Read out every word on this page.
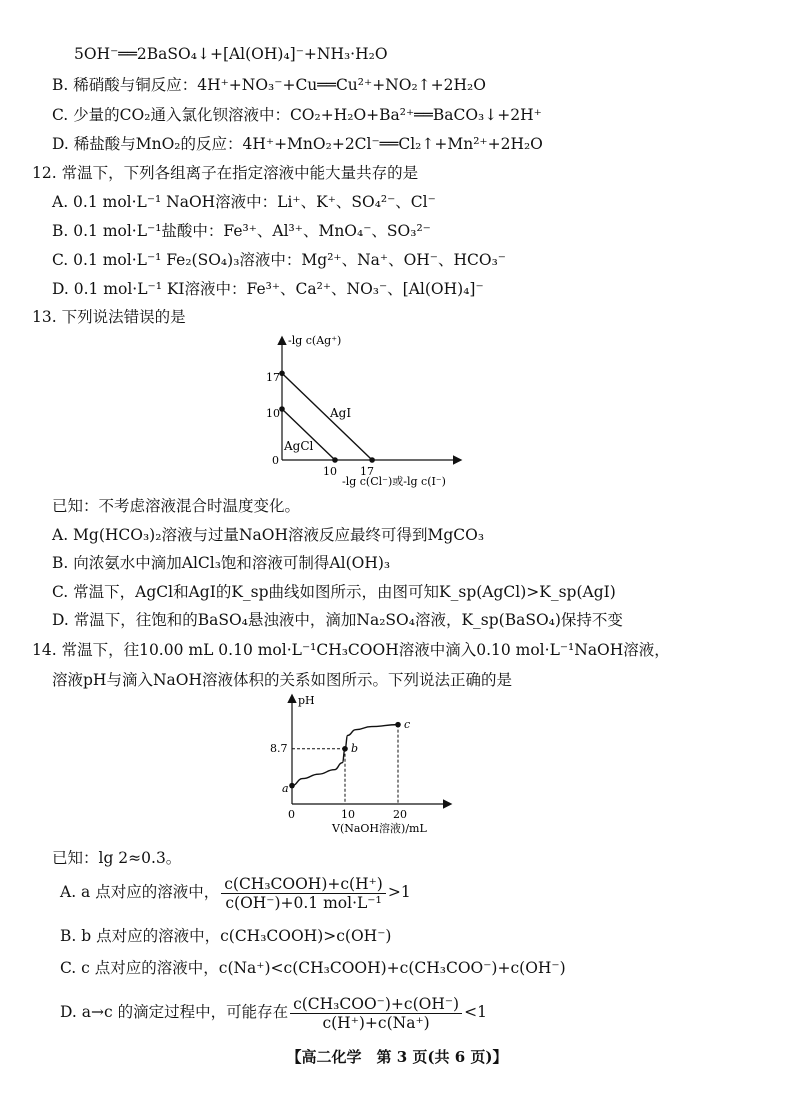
5OH⁻══2BaSO₄↓+[Al(OH)₄]⁻+NH₃·H₂O
B. 稀硝酸与铜反应：4H⁺+NO₃⁻+Cu══Cu²⁺+NO₂↑+2H₂O
C. 少量的CO₂通入氯化钡溶液中：CO₂+H₂O+Ba²⁺══BaCO₃↓+2H⁺
D. 稀盐酸与MnO₂的反应：4H⁺+MnO₂+2Cl⁻══Cl₂↑+Mn²⁺+2H₂O
12. 常温下，下列各组离子在指定溶液中能大量共存的是
A. 0.1 mol·L⁻¹ NaOH溶液中：Li⁺、K⁺、SO₄²⁻、Cl⁻
B. 0.1 mol·L⁻¹盐酸中：Fe³⁺、Al³⁺、MnO₄⁻、SO₃²⁻
C. 0.1 mol·L⁻¹ Fe₂(SO₄)₃溶液中：Mg²⁺、Na⁺、OH⁻、HCO₃⁻
D. 0.1 mol·L⁻¹ KI溶液中：Fe³⁺、Ca²⁺、NO₃⁻、[Al(OH)₄]⁻
13. 下列说法错误的是
-lg c(Ag⁺)
-lg c(Cl⁻)或-lg c(I⁻)
17
10
0
10 17
AgI
AgCl
已知：不考虑溶液混合时温度变化。
A. Mg(HCO₃)₂溶液与过量NaOH溶液反应最终可得到MgCO₃
B. 向浓氨水中滴加AlCl₃饱和溶液可制得Al(OH)₃
C. 常温下，AgCl和AgI的K_sp曲线如图所示，由图可知K_sp(AgCl)>K_sp(AgI)
D. 常温下，往饱和的BaSO₄悬浊液中，滴加Na₂SO₄溶液，K_sp(BaSO₄)保持不变
14. 常温下，往10.00 mL 0.10 mol·L⁻¹CH₃COOH溶液中滴入0.10 mol·L⁻¹NaOH溶液，
溶液pH与滴入NaOH溶液体积的关系如图所示。下列说法正确的是
pH
8.7
0	10	20
V(NaOH溶液)/mL
a
b
c
已知：lg 2≈0.3。
A. a 点对应的溶液中， $\frac{\text{c(CH₃COOH)+c(H⁺)}}{\text{c(OH⁻)+0.1 mol·L⁻¹}} >1$
B. b 点对应的溶液中，c(CH₃COOH)>c(OH⁻)
C. c 点对应的溶液中，c(Na⁺)<c(CH₃COOH)+c(CH₃COO⁻)+c(OH⁻)
D. a→c 的滴定过程中，可能存在 $\frac{\text{c(CH₃COO⁻)+c(OH⁻)}}{c(H^+)+c(Na^+)} <1$
【高二化学　第 3 页(共 6 页)】
